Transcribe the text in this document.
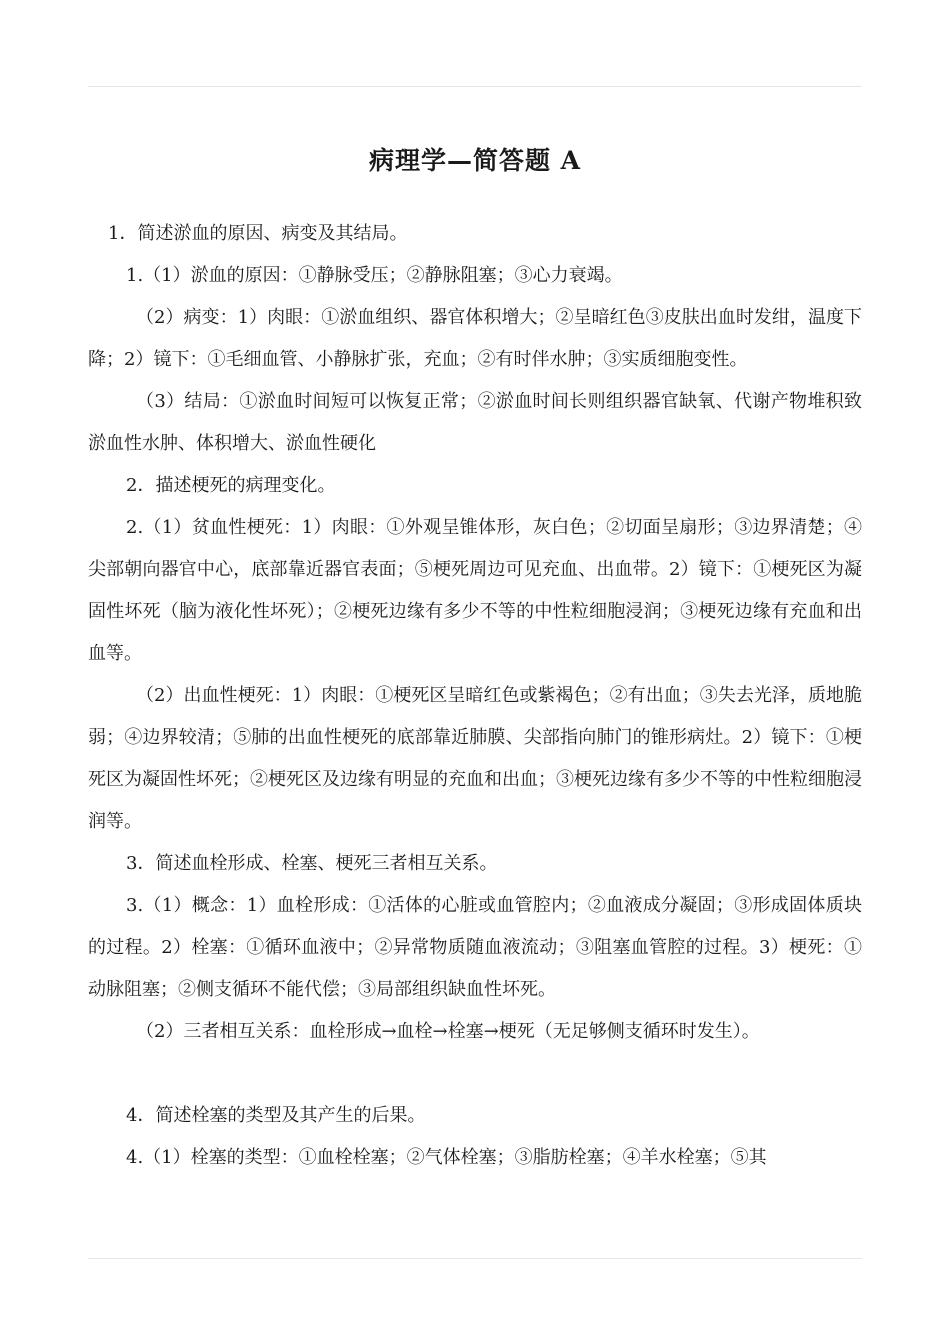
病理学—简答题 A

1．简述淤血的原因、病变及其结局。

1.（1）淤血的原因：①静脉受压；②静脉阻塞；③心力衰竭。

（2）病变：1）肉眼：①淤血组织、器官体积增大；②呈暗红色③皮肤出血时发绀，温度下降；2）镜下：①毛细血管、小静脉扩张，充血；②有时伴水肿；③实质细胞变性。

（3）结局：①淤血时间短可以恢复正常；②淤血时间长则组织器官缺氧、代谢产物堆积致淤血性水肿、体积增大、淤血性硬化

2．描述梗死的病理变化。

2.（1）贫血性梗死：1）肉眼：①外观呈锥体形，灰白色；②切面呈扇形；③边界清楚；④尖部朝向器官中心，底部靠近器官表面；⑤梗死周边可见充血、出血带。2）镜下：①梗死区为凝固性坏死（脑为液化性坏死）；②梗死边缘有多少不等的中性粒细胞浸润；③梗死边缘有充血和出血等。

（2）出血性梗死：1）肉眼：①梗死区呈暗红色或紫褐色；②有出血；③失去光泽，质地脆弱；④边界较清；⑤肺的出血性梗死的底部靠近肺膜、尖部指向肺门的锥形病灶。2）镜下：①梗死区为凝固性坏死；②梗死区及边缘有明显的充血和出血；③梗死边缘有多少不等的中性粒细胞浸润等。

3．简述血栓形成、栓塞、梗死三者相互关系。

3.（1）概念：1）血栓形成：①活体的心脏或血管腔内；②血液成分凝固；③形成固体质块的过程。2）栓塞：①循环血液中；②异常物质随血液流动；③阻塞血管腔的过程。3）梗死：①动脉阻塞；②侧支循环不能代偿；③局部组织缺血性坏死。

（2）三者相互关系：血栓形成→血栓→栓塞→梗死（无足够侧支循环时发生）。

4．简述栓塞的类型及其产生的后果。

4.（1）栓塞的类型：①血栓栓塞；②气体栓塞；③脂肪栓塞；④羊水栓塞；⑤其
